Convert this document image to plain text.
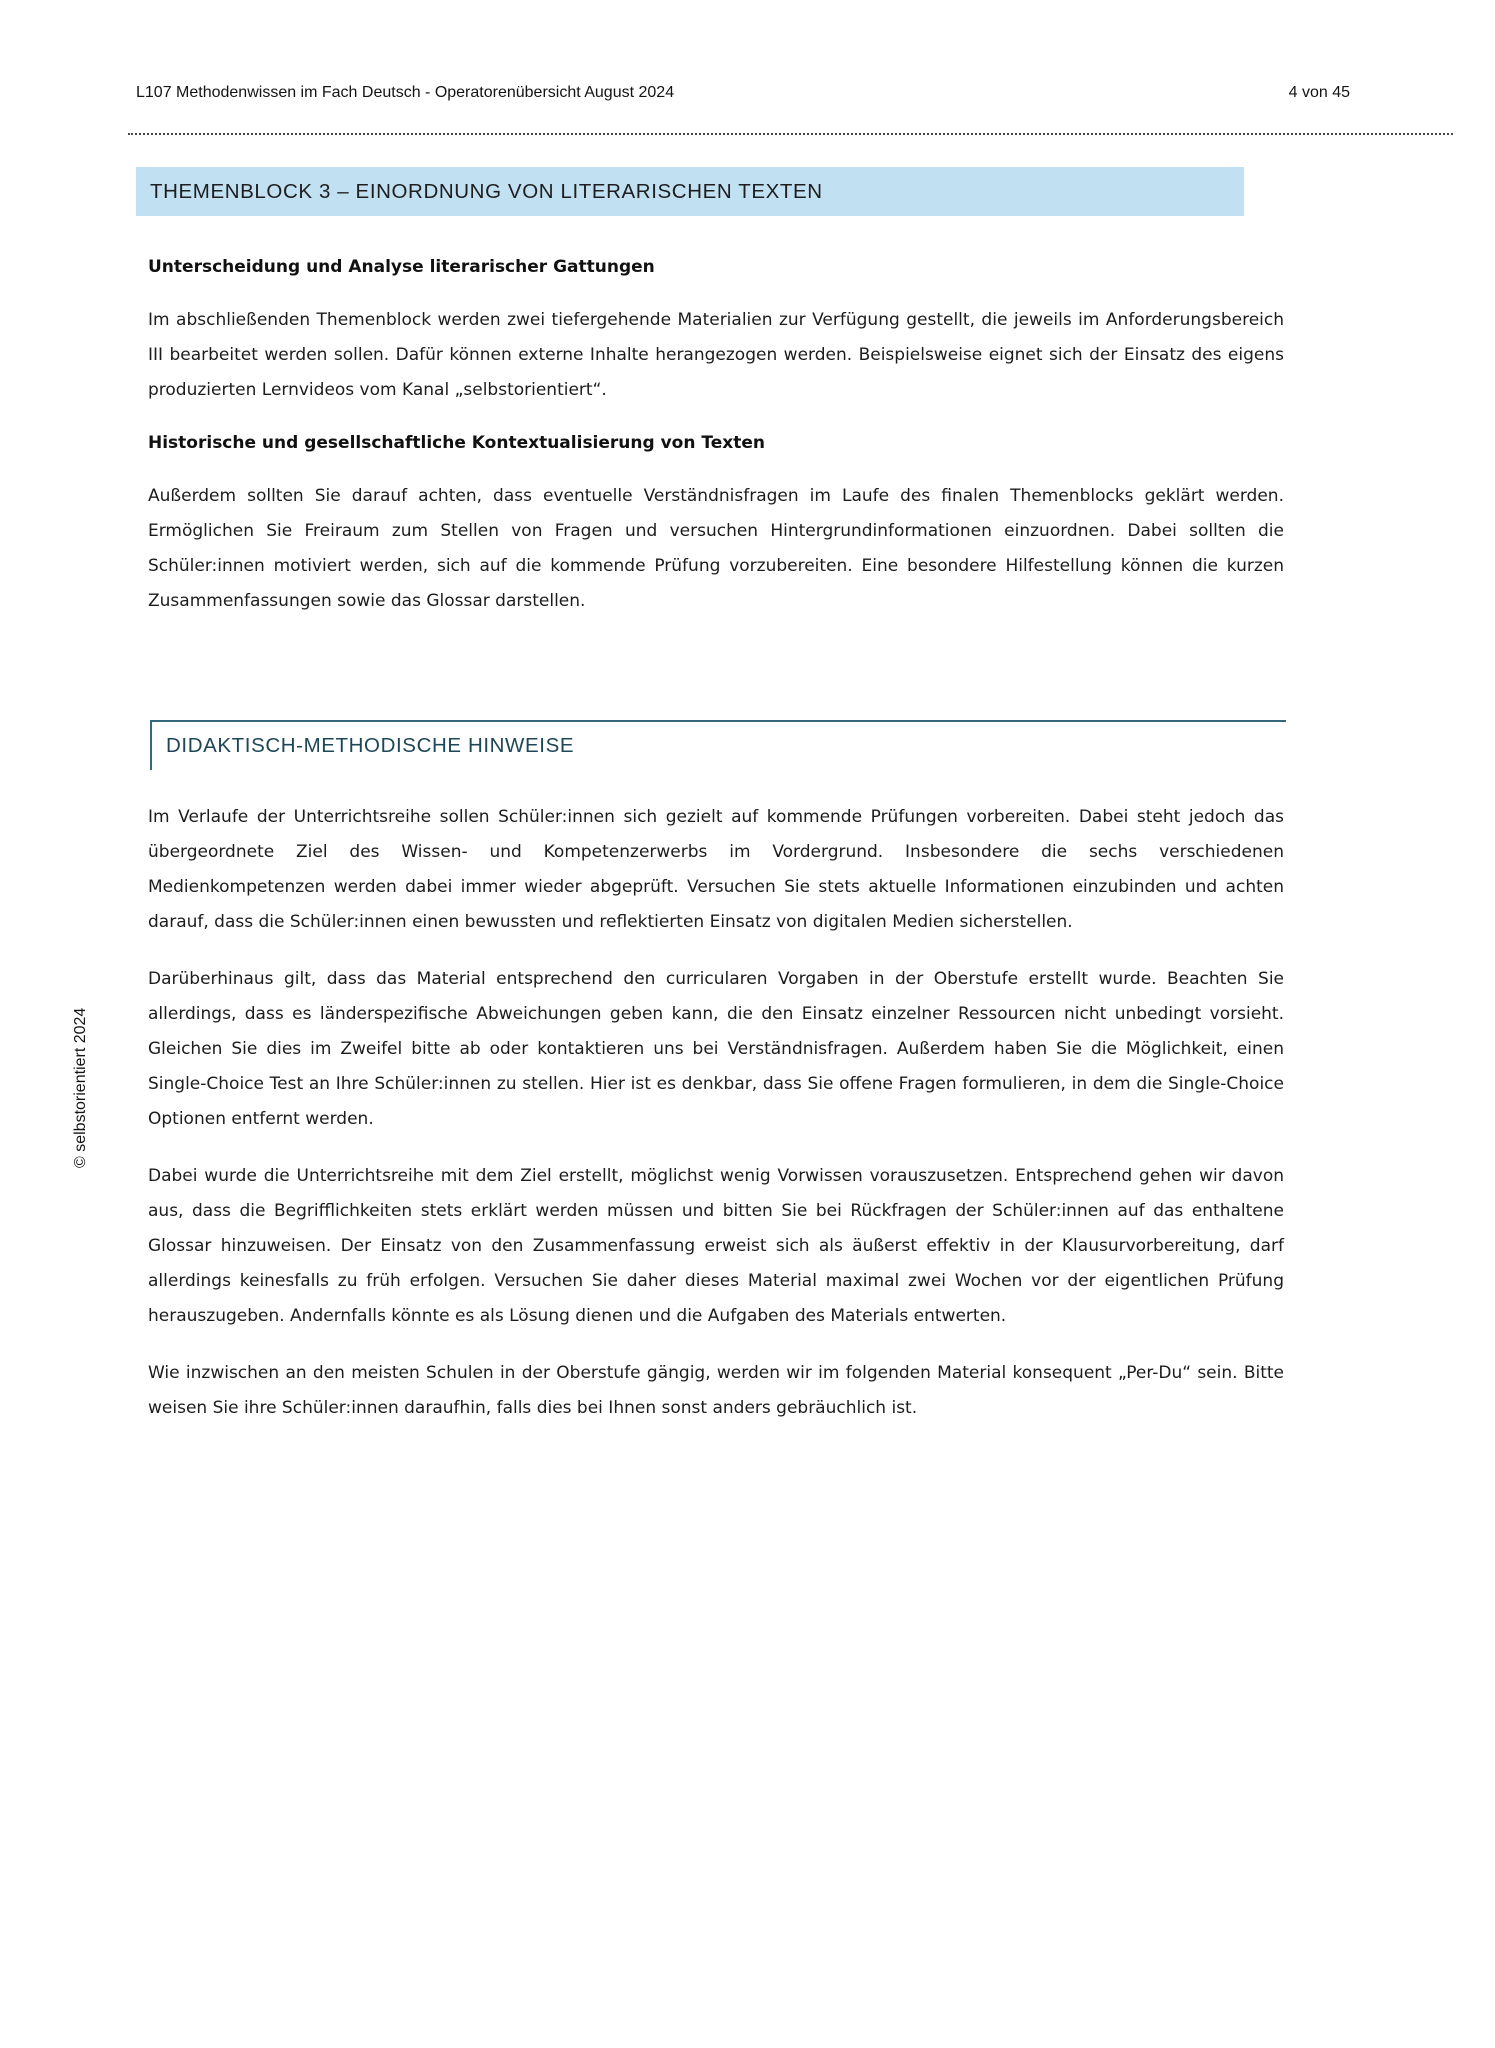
L107 Methodenwissen im Fach Deutsch - Operatorenübersicht August 2024	4 von 45
© selbstorientiert 2024
THEMENBLOCK 3 – EINORDNUNG VON LITERARISCHEN TEXTEN
Unterscheidung und Analyse literarischer Gattungen

Im abschließenden Themenblock werden zwei tiefergehende Materialien zur Verfügung gestellt, die jeweils im Anforderungsbereich III bearbeitet werden sollen. Dafür können externe Inhalte herangezogen werden. Beispielsweise eignet sich der Einsatz des eigens produzierten Lernvideos vom Kanal „selbstorientiert“.

Historische und gesellschaftliche Kontextualisierung von Texten

Außerdem sollten Sie darauf achten, dass eventuelle Verständnisfragen im Laufe des finalen Themenblocks geklärt werden. Ermöglichen Sie Freiraum zum Stellen von Fragen und versuchen Hintergrundinformationen einzuordnen. Dabei sollten die Schüler:innen motiviert werden, sich auf die kommende Prüfung vorzubereiten. Eine besondere Hilfestellung können die kurzen Zusammenfassungen sowie das Glossar darstellen.

DIDAKTISCH-METHODISCHE HINWEISE

Im Verlaufe der Unterrichtsreihe sollen Schüler:innen sich gezielt auf kommende Prüfungen vorbereiten. Dabei steht jedoch das übergeordnete Ziel des Wissen- und Kompetenzerwerbs im Vordergrund. Insbesondere die sechs verschiedenen Medienkompetenzen werden dabei immer wieder abgeprüft. Versuchen Sie stets aktuelle Informationen einzubinden und achten darauf, dass die Schüler:innen einen bewussten und reflektierten Einsatz von digitalen Medien sicherstellen.

Darüberhinaus gilt, dass das Material entsprechend den curricularen Vorgaben in der Oberstufe erstellt wurde. Beachten Sie allerdings, dass es länderspezifische Abweichungen geben kann, die den Einsatz einzelner Ressourcen nicht unbedingt vorsieht. Gleichen Sie dies im Zweifel bitte ab oder kontaktieren uns bei Verständnisfragen. Außerdem haben Sie die Möglichkeit, einen Single-Choice Test an Ihre Schüler:innen zu stellen. Hier ist es denkbar, dass Sie offene Fragen formulieren, in dem die Single-Choice Optionen entfernt werden.

Dabei wurde die Unterrichtsreihe mit dem Ziel erstellt, möglichst wenig Vorwissen vorauszusetzen. Entsprechend gehen wir davon aus, dass die Begrifflichkeiten stets erklärt werden müssen und bitten Sie bei Rückfragen der Schüler:innen auf das enthaltene Glossar hinzuweisen. Der Einsatz von den Zusammenfassung erweist sich als äußerst effektiv in der Klausurvorbereitung, darf allerdings keinesfalls zu früh erfolgen. Versuchen Sie daher dieses Material maximal zwei Wochen vor der eigentlichen Prüfung herauszugeben. Andernfalls könnte es als Lösung dienen und die Aufgaben des Materials entwerten.

Wie inzwischen an den meisten Schulen in der Oberstufe gängig, werden wir im folgenden Material konsequent „Per-Du“ sein. Bitte weisen Sie ihre Schüler:innen daraufhin, falls dies bei Ihnen sonst anders gebräuchlich ist.
